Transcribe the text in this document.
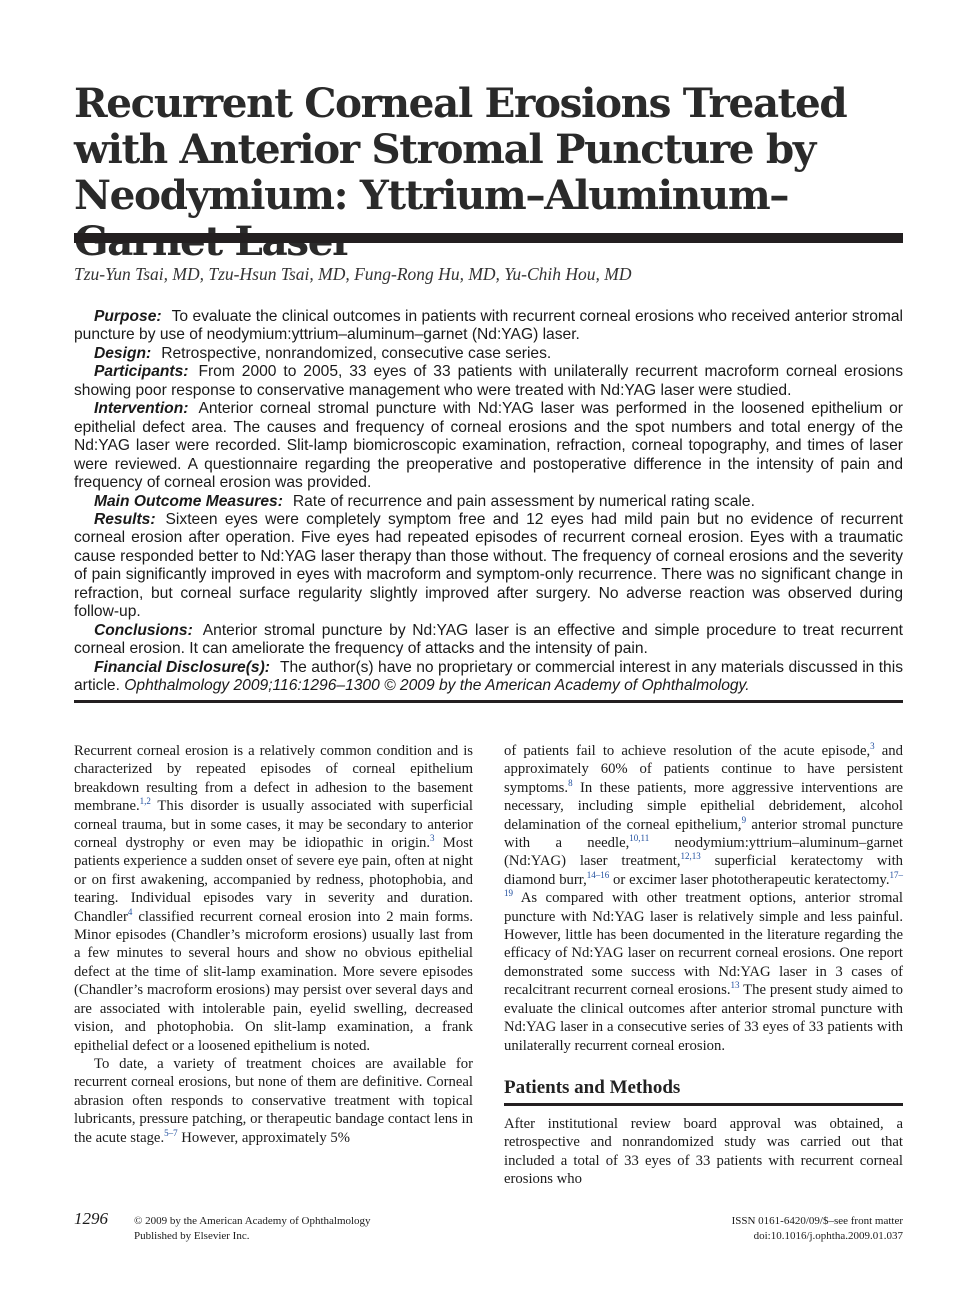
Recurrent Corneal Erosions Treated with Anterior Stromal Puncture by Neodymium: Yttrium–Aluminum–
Tzu-Yun Tsai, MD, Tzu-Hsun Tsai, MD, Fung-Rong Hu, MD, Yu-Chih Hou, MD

Purpose: To evaluate the clinical outcomes in patients with recurrent corneal erosions who received anterior stromal puncture by use of neodymium:yttrium–aluminum–garnet (Nd:YAG) laser.

Design: Retrospective, nonrandomized, consecutive case series.

Participants: From 2000 to 2005, 33 eyes of 33 patients with unilaterally recurrent macroform corneal erosions showing poor response to conservative management who were treated with Nd:YAG laser were studied.

Intervention: Anterior corneal stromal puncture with Nd:YAG laser was performed in the loosened epithelium or epithelial defect area. The causes and frequency of corneal erosions and the spot numbers and total energy of the Nd:YAG laser were recorded. Slit-lamp biomicroscopic examination, refraction, corneal topography, and times of laser were reviewed. A questionnaire regarding the preoperative and postoperative difference in the intensity of pain and frequency of corneal erosion was provided.

Main Outcome Measures: Rate of recurrence and pain assessment by numerical rating scale.

Results: Sixteen eyes were completely symptom free and 12 eyes had mild pain but no evidence of recurrent corneal erosion after operation. Five eyes had repeated episodes of recurrent corneal erosion. Eyes with a traumatic cause responded better to Nd:YAG laser therapy than those without. The frequency of corneal erosions and the severity of pain significantly improved in eyes with macroform and symptom-only recurrence. There was no significant change in refraction, but corneal surface regularity slightly improved after surgery. No adverse reaction was observed during follow-up.

Conclusions: Anterior stromal puncture by Nd:YAG laser is an effective and simple procedure to treat recurrent corneal erosion. It can ameliorate the frequency of attacks and the intensity of pain.

Financial Disclosure(s): The author(s) have no proprietary or commercial interest in any materials discussed in this article. Ophthalmology 2009;116:1296–1300 © 2009 by the American Academy of Ophthalmology.

Recurrent corneal erosion is a relatively common condition and is characterized by repeated episodes of corneal epithelium breakdown resulting from a defect in adhesion to the basement membrane.$^{1,2}$ This disorder is usually associated with superficial corneal trauma, but in some cases, it may be secondary to anterior corneal dystrophy or even may be idiopathic in origin.$^3$ Most patients experience a sudden onset of severe eye pain, often at night or on first awakening, accompanied by redness, photophobia, and tearing. Individual episodes vary in severity and duration. Chandler$^4$ classified recurrent corneal erosion into 2 main forms. Minor episodes (Chandler’s microform erosions) usually last from a few minutes to several hours and show no obvious epithelial defect at the time of slit-lamp examination. More severe episodes (Chandler’s macroform erosions) may persist over several days and are associated with intolerable pain, eyelid swelling, decreased vision, and photophobia. On slit-lamp examination, a frank epithelial defect or a loosened epithelium is noted.

To date, a variety of treatment choices are available for recurrent corneal erosions, but none of them are definitive. Corneal abrasion often responds to conservative treatment with topical lubricants, pressure patching, or therapeutic bandage contact lens in the acute stage.$^{5-7}$ However, approximately 5%

of patients fail to achieve resolution of the acute episode,$^3$ and approximately 60% of patients continue to have persistent symptoms.$^8$ In these patients, more aggressive interventions are necessary, including simple epithelial debridement, alcohol delamination of the corneal epithelium,$^9$ anterior stromal puncture with a needle,$^{10,11}$ neodymium:yttrium–aluminum–garnet (Nd:YAG) laser treatment,$^{12,13}$ superficial keratectomy with diamond burr,$^{14-16}$ or excimer laser phototherapeutic keratectomy.$^{17-19}$ As compared with other treatment options, anterior stromal puncture with Nd:YAG laser is relatively simple and less painful. However, little has been documented in the literature regarding the efficacy of Nd:YAG laser on recurrent corneal erosions. One report demonstrated some success with Nd:YAG laser in 3 cases of recalcitrant recurrent corneal erosions.$^{13}$ The present study aimed to evaluate the clinical outcomes after anterior stromal puncture with Nd:YAG laser in a consecutive series of 33 eyes of 33 patients with unilaterally recurrent corneal erosion.

Patients and Methods

After institutional review board approval was obtained, a retrospective and nonrandomized study was carried out that included a total of 33 eyes of 33 patients with recurrent corneal erosions who

1296 © 2009 by the American Academy of Ophthalmology
Published by Elsevier Inc.
ISSN 0161-6420/09/$–see front matter
doi:10.1016/j.ophtha.2009.01.037
